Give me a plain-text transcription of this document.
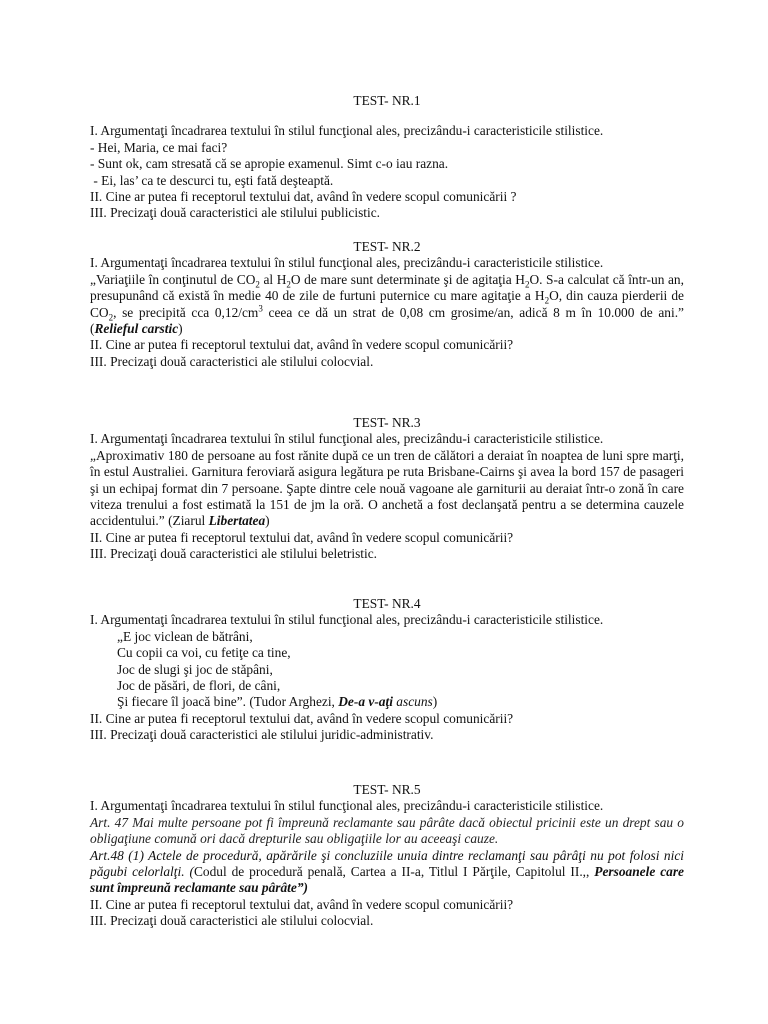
TEST- NR.1
I. Argumentaţi încadrarea textului în stilul funcţional ales, precizându-i caracteristicile stilistice.
- Hei, Maria, ce mai faci?
- Sunt ok, cam stresată că se apropie examenul. Simt c-o iau razna.
- Ei, las’ ca te descurci tu, eşti fată deşteaptă.
II. Cine ar putea fi receptorul textului dat, având în vedere scopul comunicării ?
III. Precizaţi două caracteristici ale stilului publicistic.
TEST- NR.2
I. Argumentaţi încadrarea textului în stilul funcţional ales, precizându-i caracteristicile stilistice.
„Variaţiile în conţinutul de $CO_2$ al $H_2O$ de mare sunt determinate şi de agitaţia $H_2O$. S-a calculat că într-un an, presupunând că există în medie 40 de zile de furtuni puternice cu mare agitaţie a $H_2O$, din cauza pierderii de $CO_2$, se precipită cca $0,12/cm^3$ ceea ce dă un strat de 0,08 cm grosime/an, adică 8 m în 10.000 de ani.” (Relieful carstic)
II. Cine ar putea fi receptorul textului dat, având în vedere scopul comunicării?
III. Precizaţi două caracteristici ale stilului colocvial.
TEST- NR.3
I. Argumentaţi încadrarea textului în stilul funcţional ales, precizându-i caracteristicile stilistice.
„Aproximativ 180 de persoane au fost rănite după ce un tren de călători a deraiat în noaptea de luni spre marţi, în estul Australiei. Garnitura feroviară asigura legătura pe ruta Brisbane-Cairns şi avea la bord 157 de pasageri şi un echipaj format din 7 persoane. Şapte dintre cele nouă vagoane ale garniturii au deraiat într-o zonă în care viteza trenului a fost estimată la 151 de jm la oră. O anchetă a fost declanşată pentru a se determina cauzele accidentului.” (Ziarul Libertatea)
II. Cine ar putea fi receptorul textului dat, având în vedere scopul comunicării?
III. Precizaţi două caracteristici ale stilului beletristic.
TEST- NR.4
I. Argumentaţi încadrarea textului în stilul funcţional ales, precizându-i caracteristicile stilistice.
„E joc viclean de bătrâni,
Cu copii ca voi, cu fetiţe ca tine,
Joc de slugi şi joc de stăpâni,
Joc de păsări, de flori, de câni,
Şi fiecare îl joacă bine”. (Tudor Arghezi, De-a v-aţi ascuns)
II. Cine ar putea fi receptorul textului dat, având în vedere scopul comunicării?
III. Precizaţi două caracteristici ale stilului juridic-administrativ.
TEST- NR.5
I. Argumentaţi încadrarea textului în stilul funcţional ales, precizându-i caracteristicile stilistice.
Art. 47 Mai multe persoane pot fi împreună reclamante sau pârâte dacă obiectul pricinii este un drept sau o obligaţiune comună ori dacă drepturile sau obligaţiile lor au aceeaşi cauze.
Art.48 (1) Actele de procedură, apărările şi concluziile unuia dintre reclamanţi sau pârâţi nu pot folosi nici păgubi celorlalţi. (Codul de procedură penală, Cartea a II-a, Titlul I Părţile, Capitolul II.,, Persoanele care sunt împreună reclamante sau pârâte”)
II. Cine ar putea fi receptorul textului dat, având în vedere scopul comunicării?
III. Precizaţi două caracteristici ale stilului colocvial.
